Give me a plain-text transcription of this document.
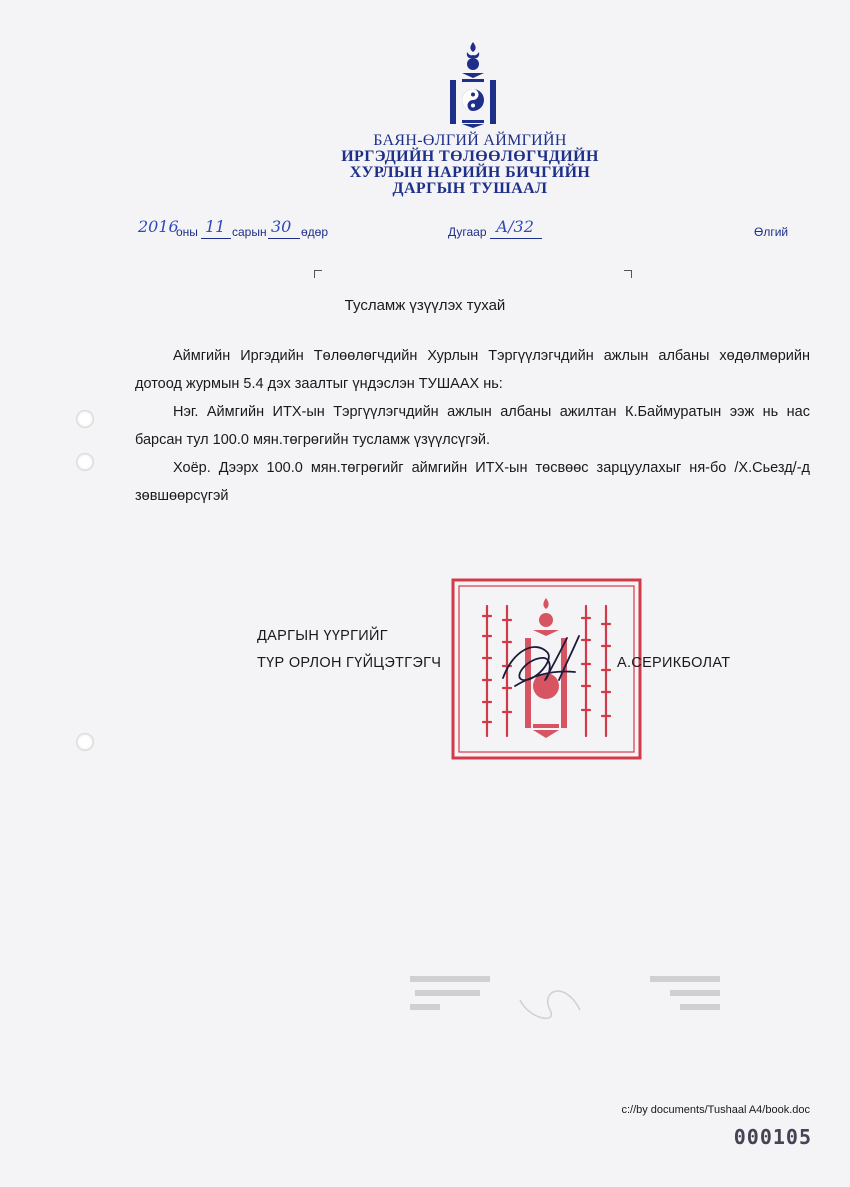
БАЯН-ӨЛГИЙ АЙМГИЙН
ИРГЭДИЙН ТӨЛӨӨЛӨГЧДИЙН
ХУРЛЫН НАРИЙН БИЧГИЙН
ДАРГЫН ТУШААЛ
2016
оны 11 сарын 30 өдөр	Дугаар А/32	Өлгий
Тусламж үзүүлэх тухай

Аймгийн Иргэдийн Төлөөлөгчдийн Хурлын Тэргүүлэгчдийн ажлын албаны хөдөлмөрийн дотоод журмын 5.4 дэх заалтыг үндэслэн ТУШААХ нь:

Нэг. Аймгийн ИТХ-ын Тэргүүлэгчдийн ажлын албаны ажилтан К.Баймуратын ээж нь нас барсан тул 100.0 мян.төгрөгийн тусламж үзүүлсүгэй.

Хоёр. Дээрх 100.0 мян.төгрөгийг аймгийн ИТХ-ын төсвөөс зарцуулахыг ня-бо /Х.Сьезд/-д зөвшөөрсүгэй

ДАРГЫН ҮҮРГИЙГ
ТҮР ОРЛОН ГҮЙЦЭТГЭГЧ	А.СЕРИКБОЛАТ
c://by documents/Tushaal A4/book.doc
000105
